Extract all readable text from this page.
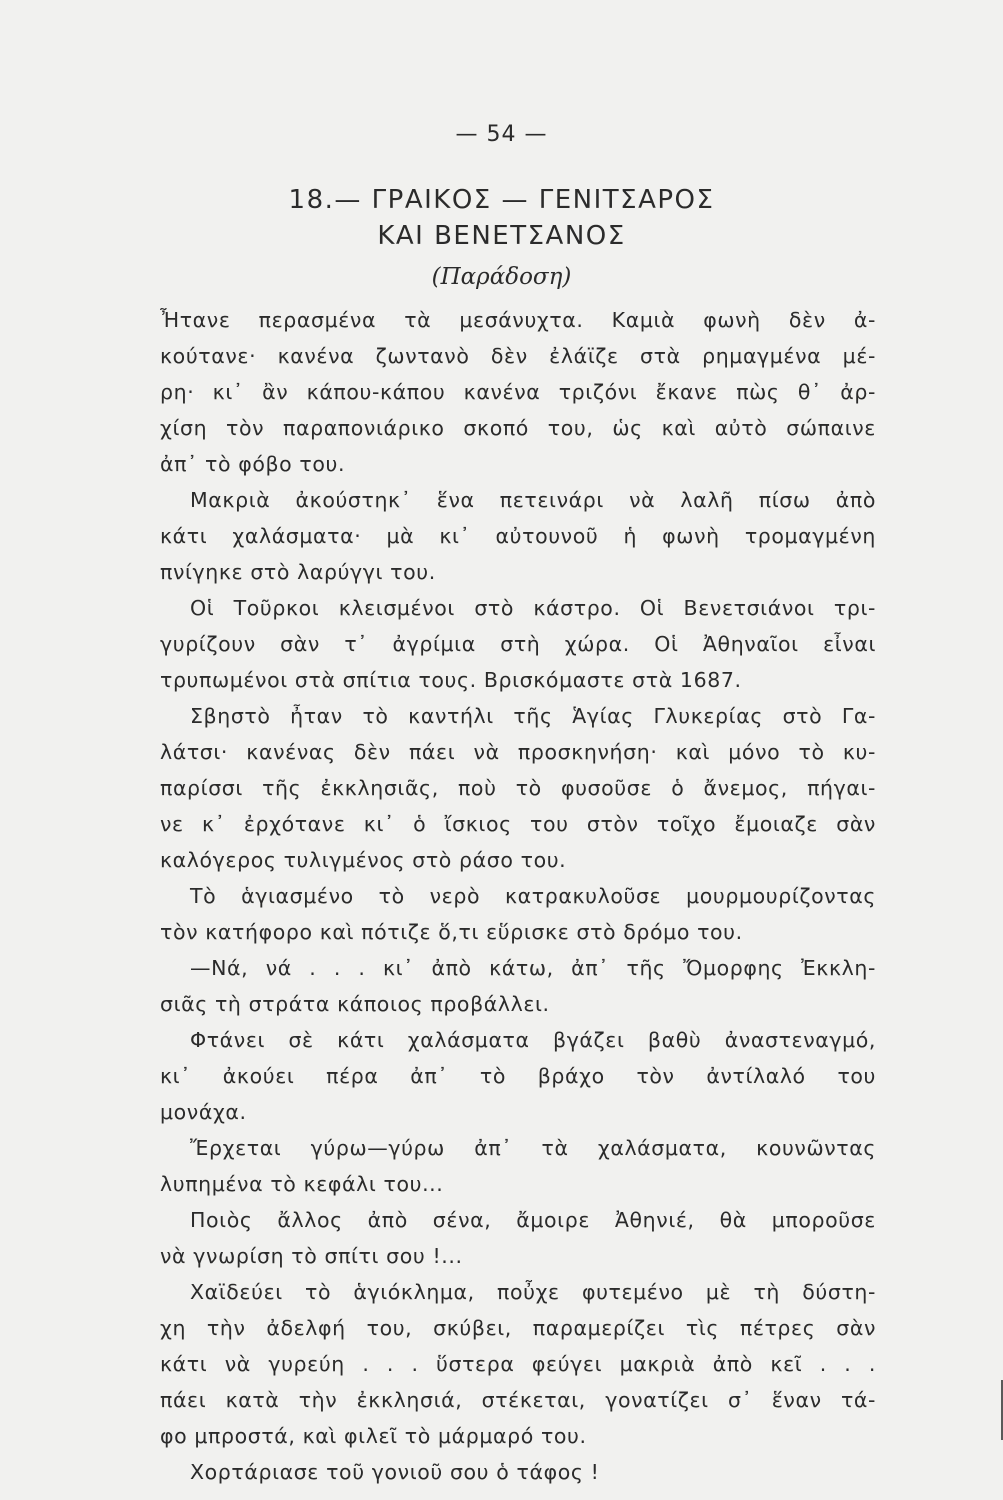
— 54 —
18.— ΓΡΑΙΚΟΣ — ΓΕΝΙΤΣΑΡΟΣ
ΚΑΙ ΒΕΝΕΤΣΑΝΟΣ
(Παράδοση)
Ἦτανε περασμένα τὰ μεσάνυχτα. Καμιὰ φωνὴ δὲν ἀ-
κούτανε· κανένα ζωντανὸ δὲν ἐλάϊζε στὰ ρημαγμένα μέ-
ρη· κι᾿ ἂν κάπου-κάπου κανένα τριζόνι ἔκανε πὼς θ᾿ ἀρ-
χίση τὸν παραπονιάρικο σκοπό του, ὡς καὶ αὐτὸ σώπαινε
ἀπ᾿ τὸ φόβο του.
Μακριὰ ἀκούστηκ᾿ ἕνα πετεινάρι νὰ λαλῆ πίσω ἀπὸ
κάτι χαλάσματα· μὰ κι᾿ αὐτουνοῦ ἡ φωνὴ τρομαγμένη
πνίγηκε στὸ λαρύγγι του.
Οἱ Τοῦρκοι κλεισμένοι στὸ κάστρο. Οἱ Βενετσιάνοι τρι-
γυρίζουν σὰν τ᾿ ἀγρίμια στὴ χώρα. Οἱ Ἀθηναῖοι εἶναι
τρυπωμένοι στὰ σπίτια τους. Βρισκόμαστε στὰ 1687.
Σβηστὸ ἦταν τὸ καντήλι τῆς Ἁγίας Γλυκερίας στὸ Γα-
λάτσι· κανένας δὲν πάει νὰ προσκηνήση· καὶ μόνο τὸ κυ-
παρίσσι τῆς ἐκκλησιᾶς, ποὺ τὸ φυσοῦσε ὁ ἄνεμος, πήγαι-
νε κ᾿ ἐρχότανε κι᾿ ὁ ἴσκιος του στὸν τοῖχο ἔμοιαζε σὰν
καλόγερος τυλιγμένος στὸ ράσο του.
Τὸ ἁγιασμένο τὸ νερὸ κατρακυλοῦσε μουρμουρίζοντας
τὸν κατήφορο καὶ πότιζε ὅ,τι εὕρισκε στὸ δρόμο του.
—Νά, νά . . . κι᾿ ἀπὸ κάτω, ἀπ᾿ τῆς Ὄμορφης Ἐκκλη-
σιᾶς τὴ στράτα κάποιος προβάλλει.
Φτάνει σὲ κάτι χαλάσματα βγάζει βαθὺ ἀναστεναγμό,
κι᾿ ἀκούει πέρα ἀπ᾿ τὸ βράχο τὸν ἀντίλαλό του
μονάχα.
Ἔρχεται γύρω—γύρω ἀπ᾿ τὰ χαλάσματα, κουνῶντας
λυπημένα τὸ κεφάλι του...
Ποιὸς ἄλλος ἀπὸ σένα, ἄμοιρε Ἀθηνιέ, θὰ μποροῦσε
νὰ γνωρίση τὸ σπίτι σου !...
Χαϊδεύει τὸ ἁγιόκλημα, ποὖχε φυτεμένο μὲ τὴ δύστη-
χη τὴν ἀδελφή του, σκύβει, παραμερίζει τὶς πέτρες σὰν
κάτι νὰ γυρεύη . . . ὕστερα φεύγει μακριὰ ἀπὸ κεῖ . . .
πάει κατὰ τὴν ἐκκλησιά, στέκεται, γονατίζει σ᾿ ἕναν τά-
φο μπροστά, καὶ φιλεῖ τὸ μάρμαρό του.
Χορτάριασε τοῦ γονιοῦ σου ὁ τάφος !
